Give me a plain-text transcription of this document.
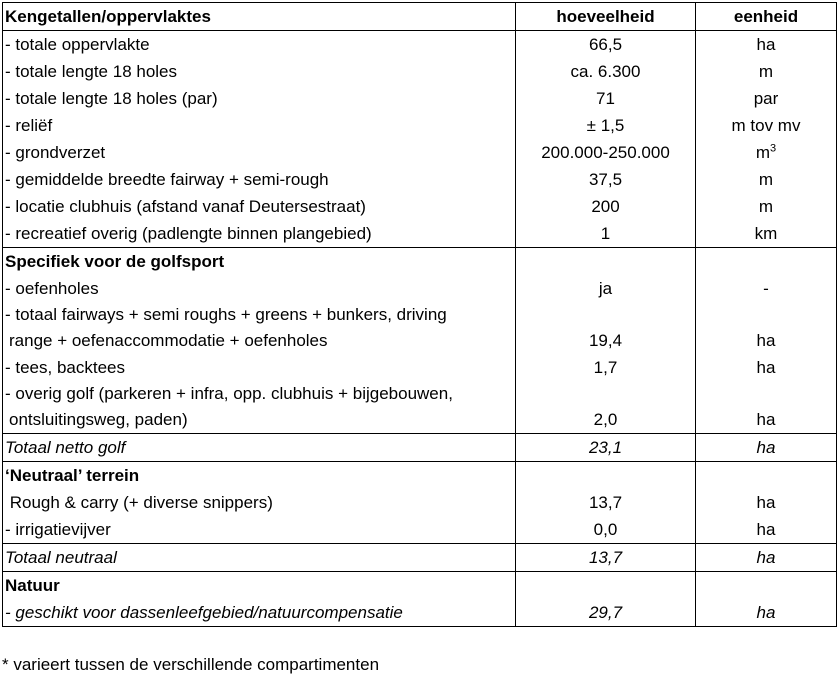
Kengetallen/oppervlaktes	hoeveelheid	eenheid
- totale oppervlakte	66,5	ha
- totale lengte 18 holes	ca. 6.300	m
- totale lengte 18 holes (par)	71	par
- reliëf	± 1,5	m tov mv
- grondverzet	200.000-250.000	$m^3$
- gemiddelde breedte fairway + semi-rough	37,5	m
- locatie clubhuis (afstand vanaf Deutersestraat)	200	m
- recreatief overig (padlengte binnen plangebied)	1	km
Specifiek voor de golfsport		
- oefenholes	ja	-

- totaal fairways + semi roughs + greens + bunkers, driving
range + oefenaccommodatie + oefenholes	19,4	ha
- tees, backtees	1,7	ha

- overig golf (parkeren + infra, opp. clubhuis + bijgebouwen,
ontsluitingsweg, paden)	2,0	ha
Totaal netto golf	23,1	ha
‘Neutraal’ terrein		
Rough & carry (+ diverse snippers)	13,7	ha
- irrigatievijver	0,0	ha
Totaal neutraal	13,7	ha
Natuur		
- geschikt voor dassenleefgebied/natuurcompensatie	29,7	ha
* varieert tussen de verschillende compartimenten
